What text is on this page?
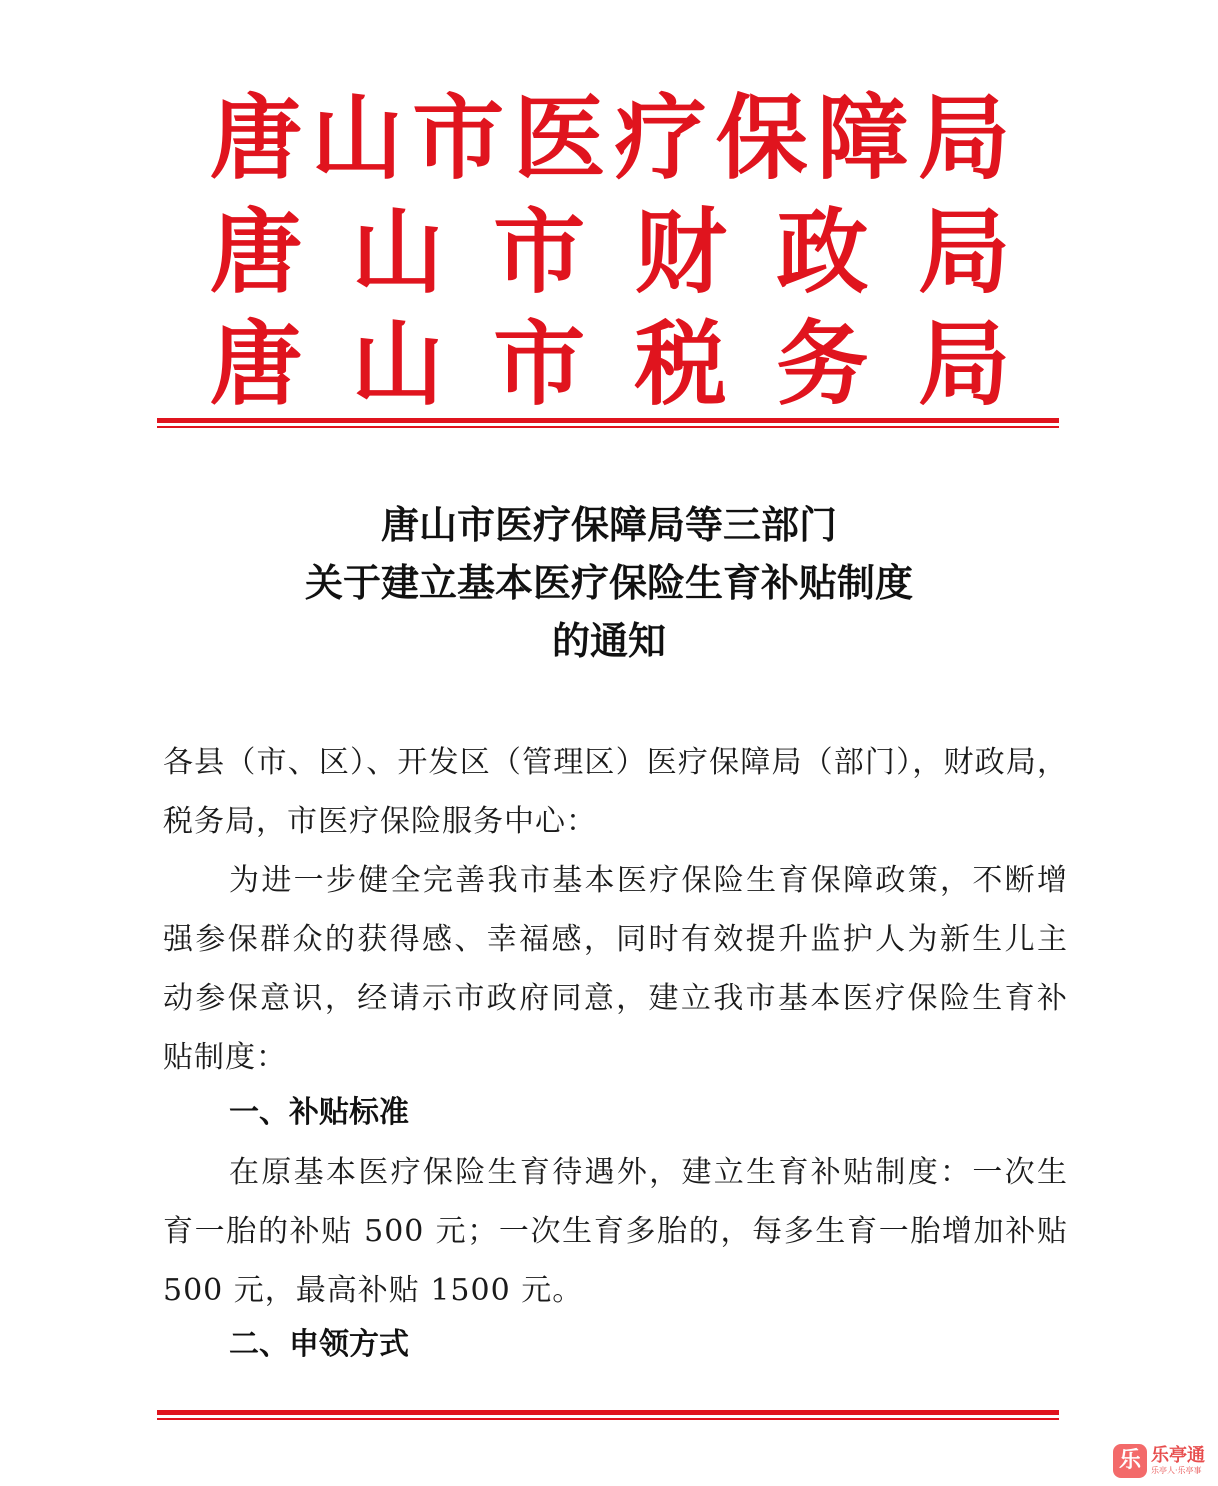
唐 山 市 医 疗 保 障 局
唐 山 市 财 政 局
唐 山 市 税 务 局
唐山市医疗保障局等三部门
关于建立基本医疗保险生育补贴制度
的通知
各县（市、区）、开发区（管理区）医疗保障局（部门），财政局，
税务局，市医疗保险服务中心：
为进一步健全完善我市基本医疗保险生育保障政策，不断增
强参保群众的获得感、幸福感，同时有效提升监护人为新生儿主
动参保意识，经请示市政府同意，建立我市基本医疗保险生育补
贴制度：
一、补贴标准
在原基本医疗保险生育待遇外，建立生育补贴制度：一次生
育一胎的补贴 500 元；一次生育多胎的，每多生育一胎增加补贴
500 元，最高补贴 1500 元。
二、申领方式
乐 乐亭通
乐亭人·乐亭事
